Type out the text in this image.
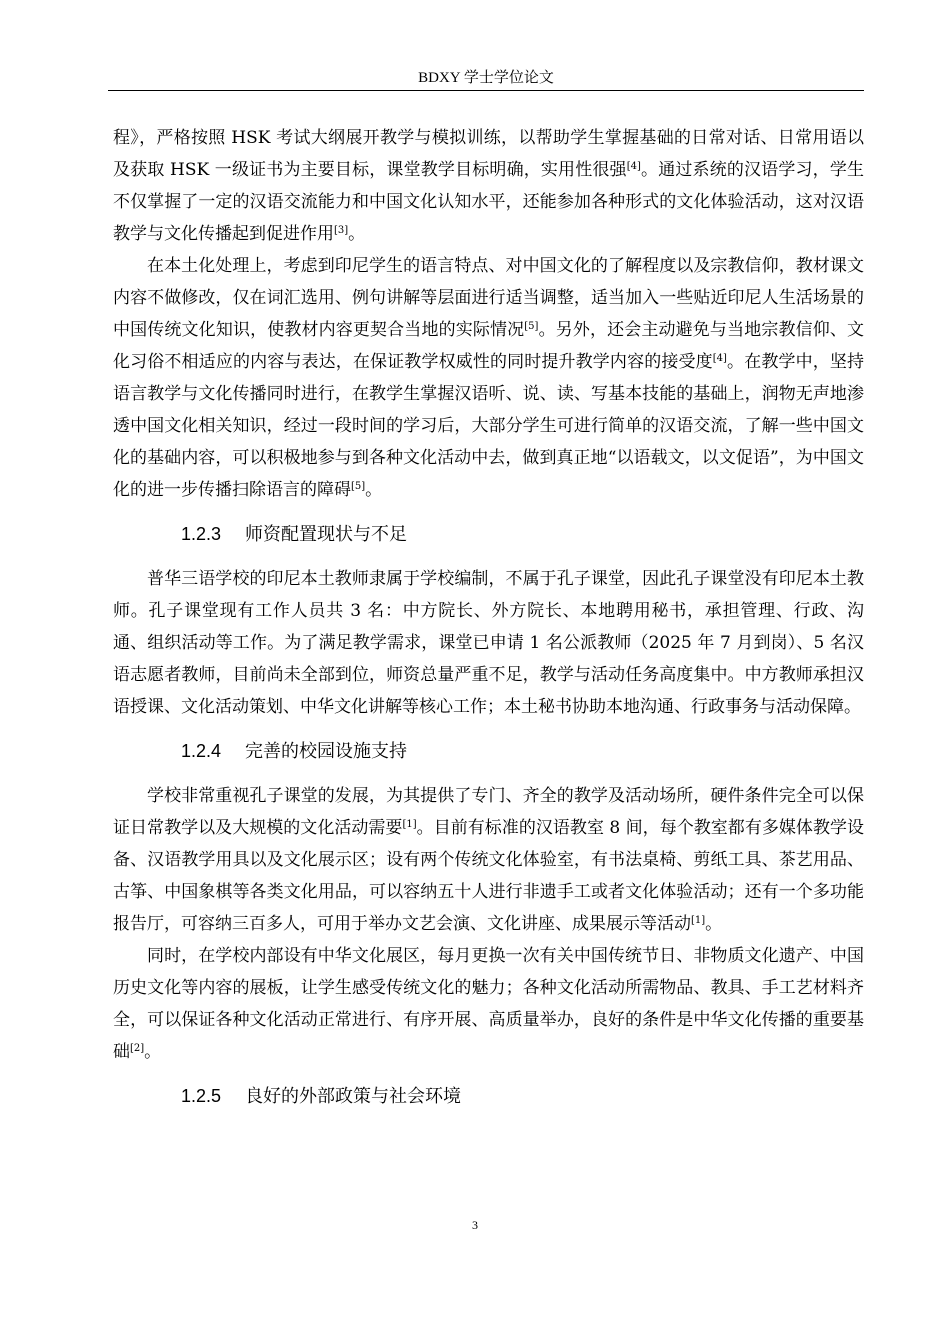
BDXY 学士学位论文

程》，严格按照 HSK 考试大纲展开教学与模拟训练，以帮助学生掌握基础的日常对话、日常用语以及获取 HSK 一级证书为主要目标，课堂教学目标明确，实用性很强[4]。通过系统的汉语学习，学生不仅掌握了一定的汉语交流能力和中国文化认知水平，还能参加各种形式的文化体验活动，这对汉语教学与文化传播起到促进作用[3]。

在本土化处理上，考虑到印尼学生的语言特点、对中国文化的了解程度以及宗教信仰，教材课文内容不做修改，仅在词汇选用、例句讲解等层面进行适当调整，适当加入一些贴近印尼人生活场景的中国传统文化知识，使教材内容更契合当地的实际情况[5]。另外，还会主动避免与当地宗教信仰、文化习俗不相适应的内容与表达，在保证教学权威性的同时提升教学内容的接受度[4]。在教学中，坚持语言教学与文化传播同时进行，在教学生掌握汉语听、说、读、写基本技能的基础上，润物无声地渗透中国文化相关知识，经过一段时间的学习后，大部分学生可进行简单的汉语交流，了解一些中国文化的基础内容，可以积极地参与到各种文化活动中去，做到真正地“以语载文，以文促语”，为中国文化的进一步传播扫除语言的障碍[5]。

1.2.3 师资配置现状与不足

普华三语学校的印尼本土教师隶属于学校编制，不属于孔子课堂，因此孔子课堂没有印尼本土教师。孔子课堂现有工作人员共 3 名：中方院长、外方院长、本地聘用秘书，承担管理、行政、沟通、组织活动等工作。为了满足教学需求，课堂已申请 1 名公派教师（2025 年 7 月到岗）、5 名汉语志愿者教师，目前尚未全部到位，师资总量严重不足，教学与活动任务高度集中。中方教师承担汉语授课、文化活动策划、中华文化讲解等核心工作；本土秘书协助本地沟通、行政事务与活动保障。

1.2.4 完善的校园设施支持

学校非常重视孔子课堂的发展，为其提供了专门、齐全的教学及活动场所，硬件条件完全可以保证日常教学以及大规模的文化活动需要[1]。目前有标准的汉语教室 8 间，每个教室都有多媒体教学设备、汉语教学用具以及文化展示区；设有两个传统文化体验室，有书法桌椅、剪纸工具、茶艺用品、古筝、中国象棋等各类文化用品，可以容纳五十人进行非遗手工或者文化体验活动；还有一个多功能报告厅，可容纳三百多人，可用于举办文艺会演、文化讲座、成果展示等活动[1]。

同时，在学校内部设有中华文化展区，每月更换一次有关中国传统节日、非物质文化遗产、中国历史文化等内容的展板，让学生感受传统文化的魅力；各种文化活动所需物品、教具、手工艺材料齐全，可以保证各种文化活动正常进行、有序开展、高质量举办，良好的条件是中华文化传播的重要基础[2]。

1.2.5 良好的外部政策与社会环境
3
